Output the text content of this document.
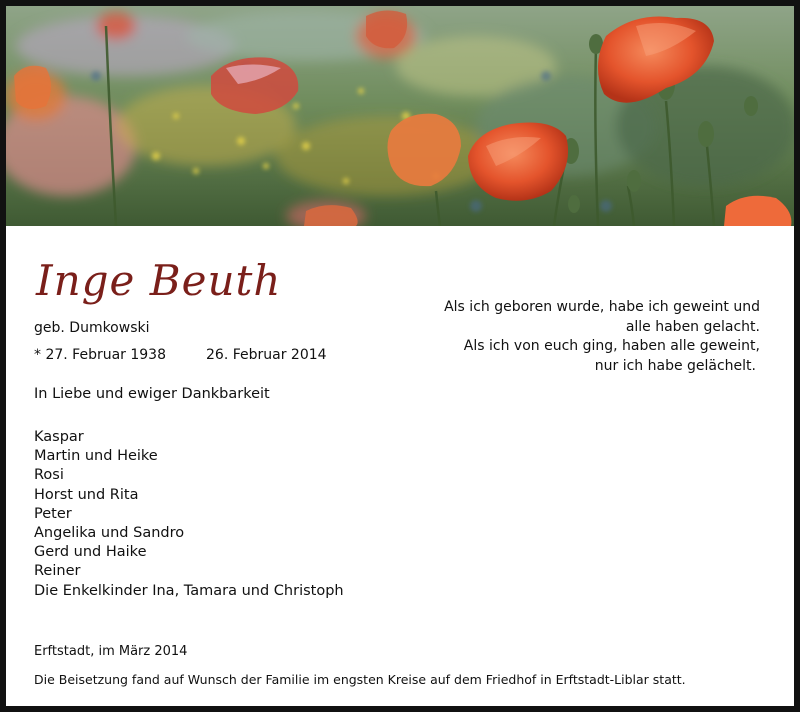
Inge Beuth
geb. Dumkowski
* 27. Februar 1938	26. Februar 2014
Als ich geboren wurde, habe ich geweint und
alle haben gelacht.
Als ich von euch ging, haben alle geweint,
nur ich habe gelächelt.
In Liebe und ewiger Dankbarkeit
Kaspar
Martin und Heike
Rosi
Horst und Rita
Peter
Angelika und Sandro
Gerd und Haike
Reiner
Die Enkelkinder Ina, Tamara und Christoph
Erftstadt, im März 2014
Die Beisetzung fand auf Wunsch der Familie im engsten Kreise auf dem Friedhof in Erftstadt-Liblar statt.
